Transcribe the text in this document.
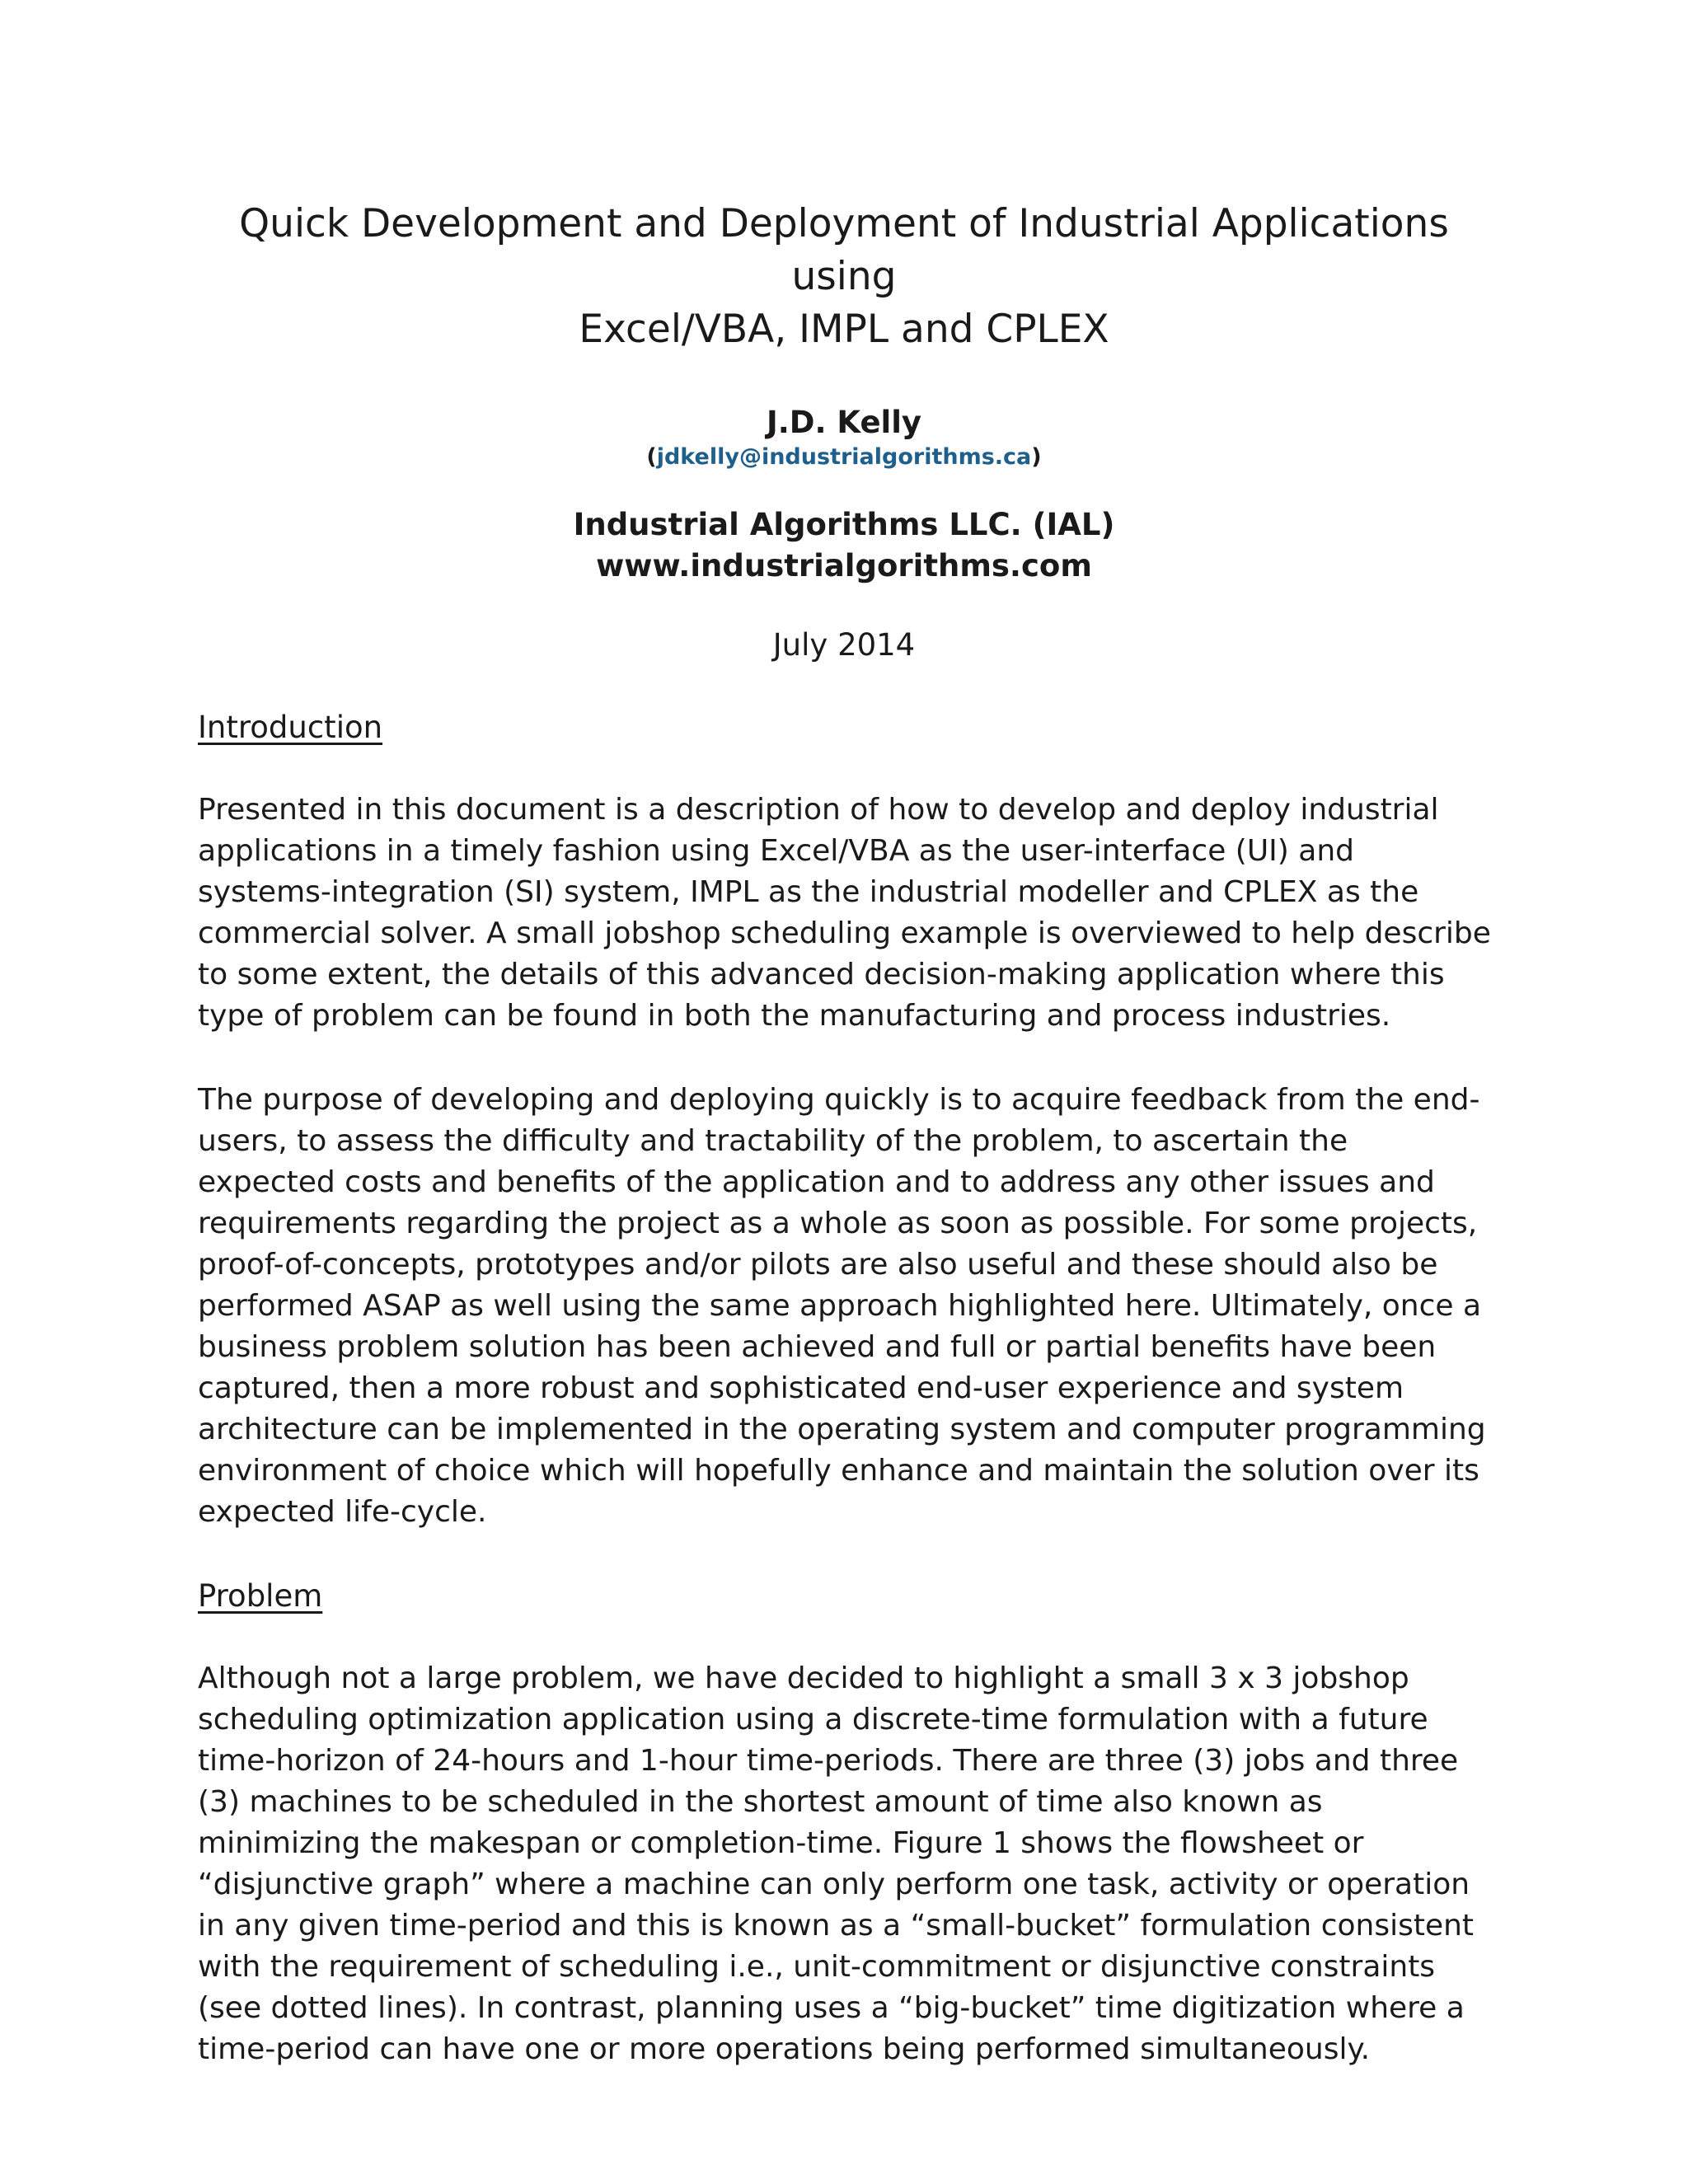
Quick Development and Deployment of Industrial Applications using
Excel/VBA, IMPL and CPLEX
J.D. Kelly
(jdkelly@industrialgorithms.ca)
Industrial Algorithms LLC. (IAL)
www.industrialgorithms.com
July 2014
Introduction

Presented in this document is a description of how to develop and deploy industrial applications in a timely fashion using Excel/VBA as the user-interface (UI) and systems-integration (SI) system, IMPL as the industrial modeller and CPLEX as the commercial solver. A small jobshop scheduling example is overviewed to help describe to some extent, the details of this advanced decision-making application where this type of problem can be found in both the manufacturing and process industries.

The purpose of developing and deploying quickly is to acquire feedback from the end-users, to assess the difficulty and tractability of the problem, to ascertain the expected costs and benefits of the application and to address any other issues and requirements regarding the project as a whole as soon as possible. For some projects, proof-of-concepts, prototypes and/or pilots are also useful and these should also be performed ASAP as well using the same approach highlighted here. Ultimately, once a business problem solution has been achieved and full or partial benefits have been captured, then a more robust and sophisticated end-user experience and system architecture can be implemented in the operating system and computer programming environment of choice which will hopefully enhance and maintain the solution over its expected life-cycle.

Problem

Although not a large problem, we have decided to highlight a small 3 x 3 jobshop scheduling optimization application using a discrete-time formulation with a future time-horizon of 24-hours and 1-hour time-periods. There are three (3) jobs and three (3) machines to be scheduled in the shortest amount of time also known as minimizing the makespan or completion-time. Figure 1 shows the flowsheet or “disjunctive graph” where a machine can only perform one task, activity or operation in any given time-period and this is known as a “small-bucket” formulation consistent with the requirement of scheduling i.e., unit-commitment or disjunctive constraints (see dotted lines). In contrast, planning uses a “big-bucket” time digitization where a time-period can have one or more operations being performed simultaneously.
